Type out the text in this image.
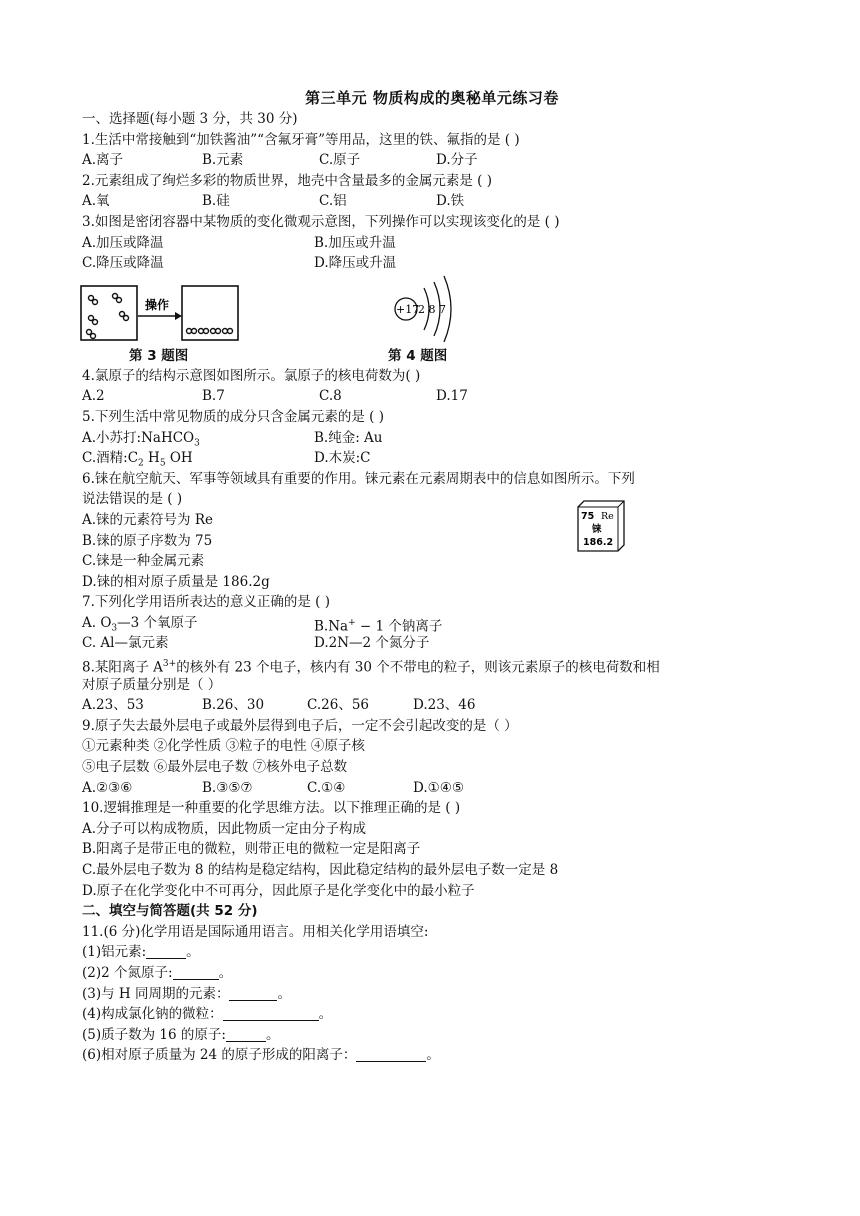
第三单元 物质构成的奥秘单元练习卷
一、选择题(每小题 3 分，共 30 分)
1.生活中常接触到“加铁酱油”“含氟牙膏”等用品，这里的铁、氟指的是 ( )
A.离子	B.元素	C.原子	D.分子
2.元素组成了绚烂多彩的物质世界，地壳中含量最多的金属元素是 ( )
A.氧	B.硅	C.铝	D.铁
3.如图是密闭容器中某物质的变化微观示意图，下列操作可以实现该变化的是 ( )
A.加压或降温	B.加压或升温
C.降压或降温	D.降压或升温
操作
第 3 题图
+17
2 8 7
第 4 题图
4.氯原子的结构示意图如图所示。氯原子的核电荷数为( )
A.2	B.7	C.8	D.17
5.下列生活中常见物质的成分只含金属元素的是 ( )
A.小苏打:NaHCO$_3$	B.纯金: Au
C.酒精$:C_2$ $H_5$ OH	D.木炭:C
6.铼在航空航天、军事等领域具有重要的作用。铼元素在元素周期表中的信息如图所示。下列
说法错误的是 ( )
A.铼的元素符号为 Re
B.铼的原子序数为 75
C.铼是一种金属元素
D.铼的相对原子质量是 186.2g
75 Re
铼
186.2
7.下列化学用语所表达的意义正确的是 ( )
A. $O_3—3$ 个氧原子	B.Na+ − 1 个钠离子
C. Al—氯元素	D.2N—2 个氮分子
8.某阳离子 $A^{3+}$的核外有 23 个电子，核内有 30 个不带电的粒子，则该元素原子的核电荷数和相
对原子质量分别是（ ）
A.23、53	B.26、30	C.26、56	D.23、46
9.原子失去最外层电子或最外层得到电子后，一定不会引起改变的是（ ）
①元素种类 ②化学性质 ③粒子的电性 ④原子核
⑤电子层数 ⑥最外层电子数 ⑦核外电子总数
A.②③⑥	B.③⑤⑦	C.①④	D.①④⑤
10.逻辑推理是一种重要的化学思维方法。以下推理正确的是 ( )
A.分子可以构成物质，因此物质一定由分子构成
B.阳离子是带正电的微粒，则带正电的微粒一定是阳离子
C.最外层电子数为 8 的结构是稳定结构，因此稳定结构的最外层电子数一定是 8
D.原子在化学变化中不可再分，因此原子是化学变化中的最小粒子
二、填空与简答题(共 52 分)
11.(6 分)化学用语是国际通用语言。用相关化学用语填空:
(1)铝元素:	。
(2)2 个氮原子:	。
(3)与 H 同周期的元素：	。
(4)构成氯化钠的微粒：	。
(5)质子数为 16 的原子:	。
(6)相对原子质量为 24 的原子形成的阳离子：	。
